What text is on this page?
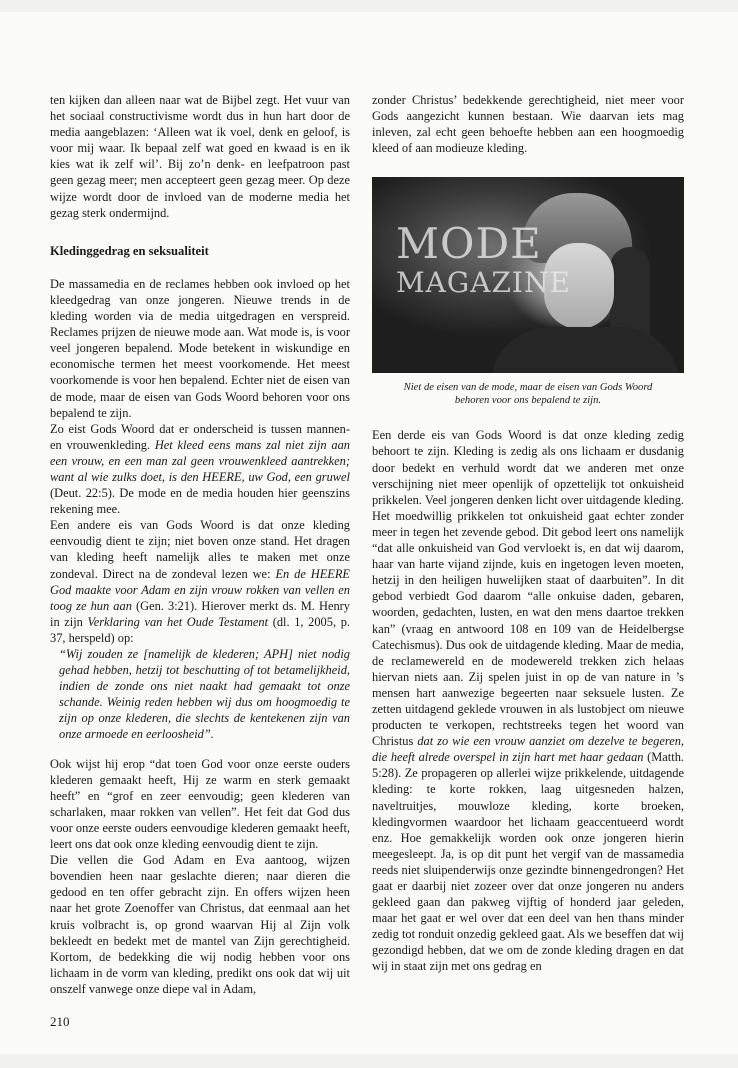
ten kijken dan alleen naar wat de Bijbel zegt. Het vuur van het sociaal constructivisme wordt dus in hun hart door de media aangeblazen: ‘Alleen wat ik voel, denk en geloof, is voor mij waar. Ik bepaal zelf wat goed en kwaad is en ik kies wat ik zelf wil’. Bij zo’n denk- en leefpatroon past geen gezag meer; men accepteert geen gezag meer. Op deze wijze wordt door de invloed van de moderne media het gezag sterk ondermijnd.

Kledinggedrag en seksualiteit

De massamedia en de reclames hebben ook invloed op het kleedgedrag van onze jongeren. Nieuwe trends in de kleding worden via de media uitgedragen en verspreid. Reclames prijzen de nieuwe mode aan. Wat mode is, is voor veel jongeren bepalend. Mode betekent in wiskundige en economische termen het meest voorkomende. Het meest voorkomende is voor hen bepalend. Echter niet de eisen van de mode, maar de eisen van Gods Woord behoren voor ons bepalend te zijn.

Zo eist Gods Woord dat er onderscheid is tussen mannen- en vrouwenkleding. Het kleed eens mans zal niet zijn aan een vrouw, en een man zal geen vrouwenkleed aantrekken; want al wie zulks doet, is den HEERE, uw God, een gruwel (Deut. 22:5). De mode en de media houden hier geenszins rekening mee.

Een andere eis van Gods Woord is dat onze kleding eenvoudig dient te zijn; niet boven onze stand. Het dragen van kleding heeft namelijk alles te maken met onze zondeval. Direct na de zondeval lezen we: En de HEERE God maakte voor Adam en zijn vrouw rokken van vellen en toog ze hun aan (Gen. 3:21). Hierover merkt ds. M. Henry in zijn Verklaring van het Oude Testament (dl. 1, 2005, p. 37, herspeld) op:

“Wij zouden ze [namelijk de klederen; APH] niet nodig gehad hebben, hetzij tot beschutting of tot betamelijkheid, indien de zonde ons niet naakt had gemaakt tot onze schande. Weinig reden hebben wij dus om hoogmoedig te zijn op onze klederen, die slechts de kentekenen zijn van onze armoede en eerloosheid”.

Ook wijst hij erop “dat toen God voor onze eerste ouders klederen gemaakt heeft, Hij ze warm en sterk gemaakt heeft” en “grof en zeer eenvoudig; geen klederen van scharlaken, maar rokken van vellen”. Het feit dat God dus voor onze eerste ouders eenvoudige klederen gemaakt heeft, leert ons dat ook onze kleding eenvoudig dient te zijn.

Die vellen die God Adam en Eva aantoog, wijzen bovendien heen naar geslachte dieren; naar dieren die gedood en ten offer gebracht zijn. En offers wijzen heen naar het grote Zoenoffer van Christus, dat eenmaal aan het kruis volbracht is, op grond waarvan Hij al Zijn volk bekleedt en bedekt met de mantel van Zijn gerechtigheid. Kortom, de bedekking die wij nodig hebben voor ons lichaam in de vorm van kleding, predikt ons ook dat wij uit onszelf vanwege onze diepe val in Adam,

zonder Christus’ bedekkende gerechtigheid, niet meer voor Gods aangezicht kunnen bestaan. Wie daarvan iets mag inleven, zal echt geen behoefte hebben aan een hoogmoedig kleed of aan modieuze kleding.

MODE
MAGAZINE

Niet de eisen van de mode, maar de eisen van Gods Woord behoren voor ons bepalend te zijn.

Een derde eis van Gods Woord is dat onze kleding zedig behoort te zijn. Kleding is zedig als ons lichaam er dusdanig door bedekt en verhuld wordt dat we anderen met onze verschijning niet meer openlijk of opzettelijk tot onkuisheid prikkelen. Veel jongeren denken licht over uitdagende kleding. Het moedwillig prikkelen tot onkuisheid gaat echter zonder meer in tegen het zevende gebod. Dit gebod leert ons namelijk “dat alle onkuisheid van God vervloekt is, en dat wij daarom, haar van harte vijand zijnde, kuis en ingetogen leven moeten, hetzij in den heiligen huwelijken staat of daarbuiten”. In dit gebod verbiedt God daarom “alle onkuise daden, gebaren, woorden, gedachten, lusten, en wat den mens daartoe trekken kan” (vraag en antwoord 108 en 109 van de Heidelbergse Catechismus). Dus ook de uitdagende kleding. Maar de media, de reclamewereld en de modewereld trekken zich helaas hiervan niets aan. Zij spelen juist in op de van nature in ’s mensen hart aanwezige begeerten naar seksuele lusten. Ze zetten uitdagend geklede vrouwen in als lustobject om nieuwe producten te verkopen, rechtstreeks tegen het woord van Christus dat zo wie een vrouw aanziet om dezelve te begeren, die heeft alrede overspel in zijn hart met haar gedaan (Matth. 5:28). Ze propageren op allerlei wijze prikkelende, uitdagende kleding: te korte rokken, laag uitgesneden halzen, naveltruitjes, mouwloze kleding, korte broeken, kledingvormen waardoor het lichaam geaccentueerd wordt enz. Hoe gemakkelijk worden ook onze jongeren hierin meegesleept. Ja, is op dit punt het vergif van de massamedia reeds niet sluipenderwijs onze gezindte binnengedrongen? Het gaat er daarbij niet zozeer over dat onze jongeren nu anders gekleed gaan dan pakweg vijftig of honderd jaar geleden, maar het gaat er wel over dat een deel van hen thans minder zedig tot ronduit onzedig gekleed gaat. Als we beseffen dat wij gezondigd hebben, dat we om de zonde kleding dragen en dat wij in staat zijn met ons gedrag en

210
